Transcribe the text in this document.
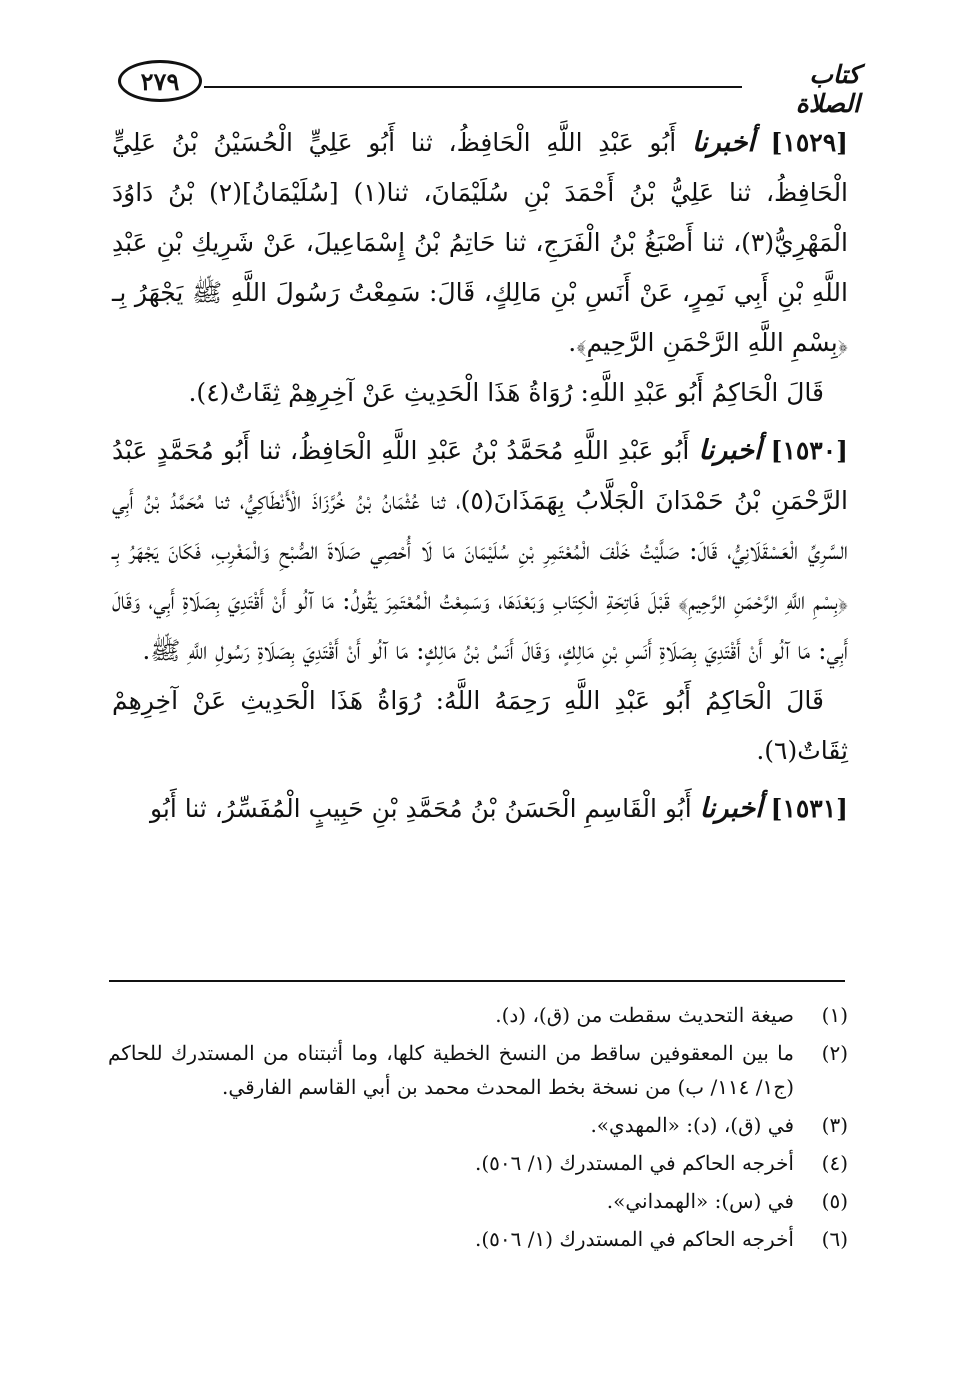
٢٧٩	كتاب الصلاة

[١٥٢٩] أخبرنا أَبُو عَبْدِ اللَّهِ الْحَافِظُ، ثنا أَبُو عَلِيٍّ الْحُسَيْنُ بْنُ عَلِيٍّ الْحَافِظُ، ثنا عَلِيُّ بْنُ أَحْمَدَ بْنِ سُلَيْمَانَ، ثنا(١) [سُلَيْمَانُ](٢) بْنُ دَاوُدَ الْمَهْرِيُّ(٣)، ثنا أَصْبَغُ بْنُ الْفَرَجِ، ثنا حَاتِمُ بْنُ إِسْمَاعِيلَ، عَنْ شَرِيكِ بْنِ عَبْدِ اللَّهِ بْنِ أَبِي نَمِرٍ، عَنْ أَنَسِ بْنِ مَالِكٍ، قَالَ: سَمِعْتُ رَسُولَ اللَّهِ ﷺ يَجْهَرُ بِـ ﴿بِسْمِ اللَّهِ الرَّحْمَنِ الرَّحِيمِ﴾.

قَالَ الْحَاكِمُ أَبُو عَبْدِ اللَّهِ: رُوَاةُ هَذَا الْحَدِيثِ عَنْ آخِرِهِمْ ثِقَاتٌ(٤).

[١٥٣٠] أخبرنا أَبُو عَبْدِ اللَّهِ مُحَمَّدُ بْنُ عَبْدِ اللَّهِ الْحَافِظُ، ثنا أَبُو مُحَمَّدٍ عَبْدُ الرَّحْمَنِ بْنُ حَمْدَانَ الْجَلَّابُ بِهَمَذَانَ(٥)، ثنا عُثْمَانُ بْنُ خُرَّزَاذَ الْأَنْطَاكِيُّ، ثنا مُحَمَّدُ بْنُ أَبِي السَّرِيِّ الْعَسْقَلَانِيُّ، قَالَ: صَلَّيْتُ خَلْفَ الْمُعْتَمِرِ بْنِ سُلَيْمَانَ مَا لَا أُحْصِي صَلَاةَ الصُّبْحِ وَالْمَغْرِبِ، فَكَانَ يَجْهَرُ بِـ ﴿بِسْمِ اللَّهِ الرَّحْمَنِ الرَّحِيمِ﴾ قَبْلَ فَاتِحَةِ الْكِتَابِ وَبَعْدَهَا، وَسَمِعْتُ الْمُعْتَمِرَ يَقُولُ: مَا آلُو أَنْ أَقْتَدِيَ بِصَلَاةِ أَبِي، وَقَالَ أَبِي: مَا آلُو أَنْ أَقْتَدِيَ بِصَلَاةِ أَنَسِ بْنِ مَالِكٍ، وَقَالَ أَنَسُ بْنُ مَالِكٍ: مَا آلُو أَنْ أَقْتَدِيَ بِصَلَاةِ رَسُولِ اللَّهِ ﷺ.

قَالَ الْحَاكِمُ أَبُو عَبْدِ اللَّهِ رَحِمَهُ اللَّهُ: رُوَاةُ هَذَا الْحَدِيثِ عَنْ آخِرِهِمْ ثِقَاتٌ(٦).

[١٥٣١] أخبرنا أَبُو الْقَاسِمِ الْحَسَنُ بْنُ مُحَمَّدِ بْنِ حَبِيبٍ الْمُفَسِّرُ، ثنا أَبُو

(١)
صيغة التحديث سقطت من (ق)، (د).
(٢)
ما بين المعقوفين ساقط من النسخ الخطية كلها، وما أثبتناه من المستدرك للحاكم (ج١/ ١١٤/ ب) من نسخة بخط المحدث محمد بن أبي القاسم الفارقي.
(٣)
في (ق)، (د): «المهدي».
(٤)
أخرجه الحاكم في المستدرك (١/ ٥٠٦).
(٥)
في (س): «الهمداني».
(٦)
أخرجه الحاكم في المستدرك (١/ ٥٠٦).
